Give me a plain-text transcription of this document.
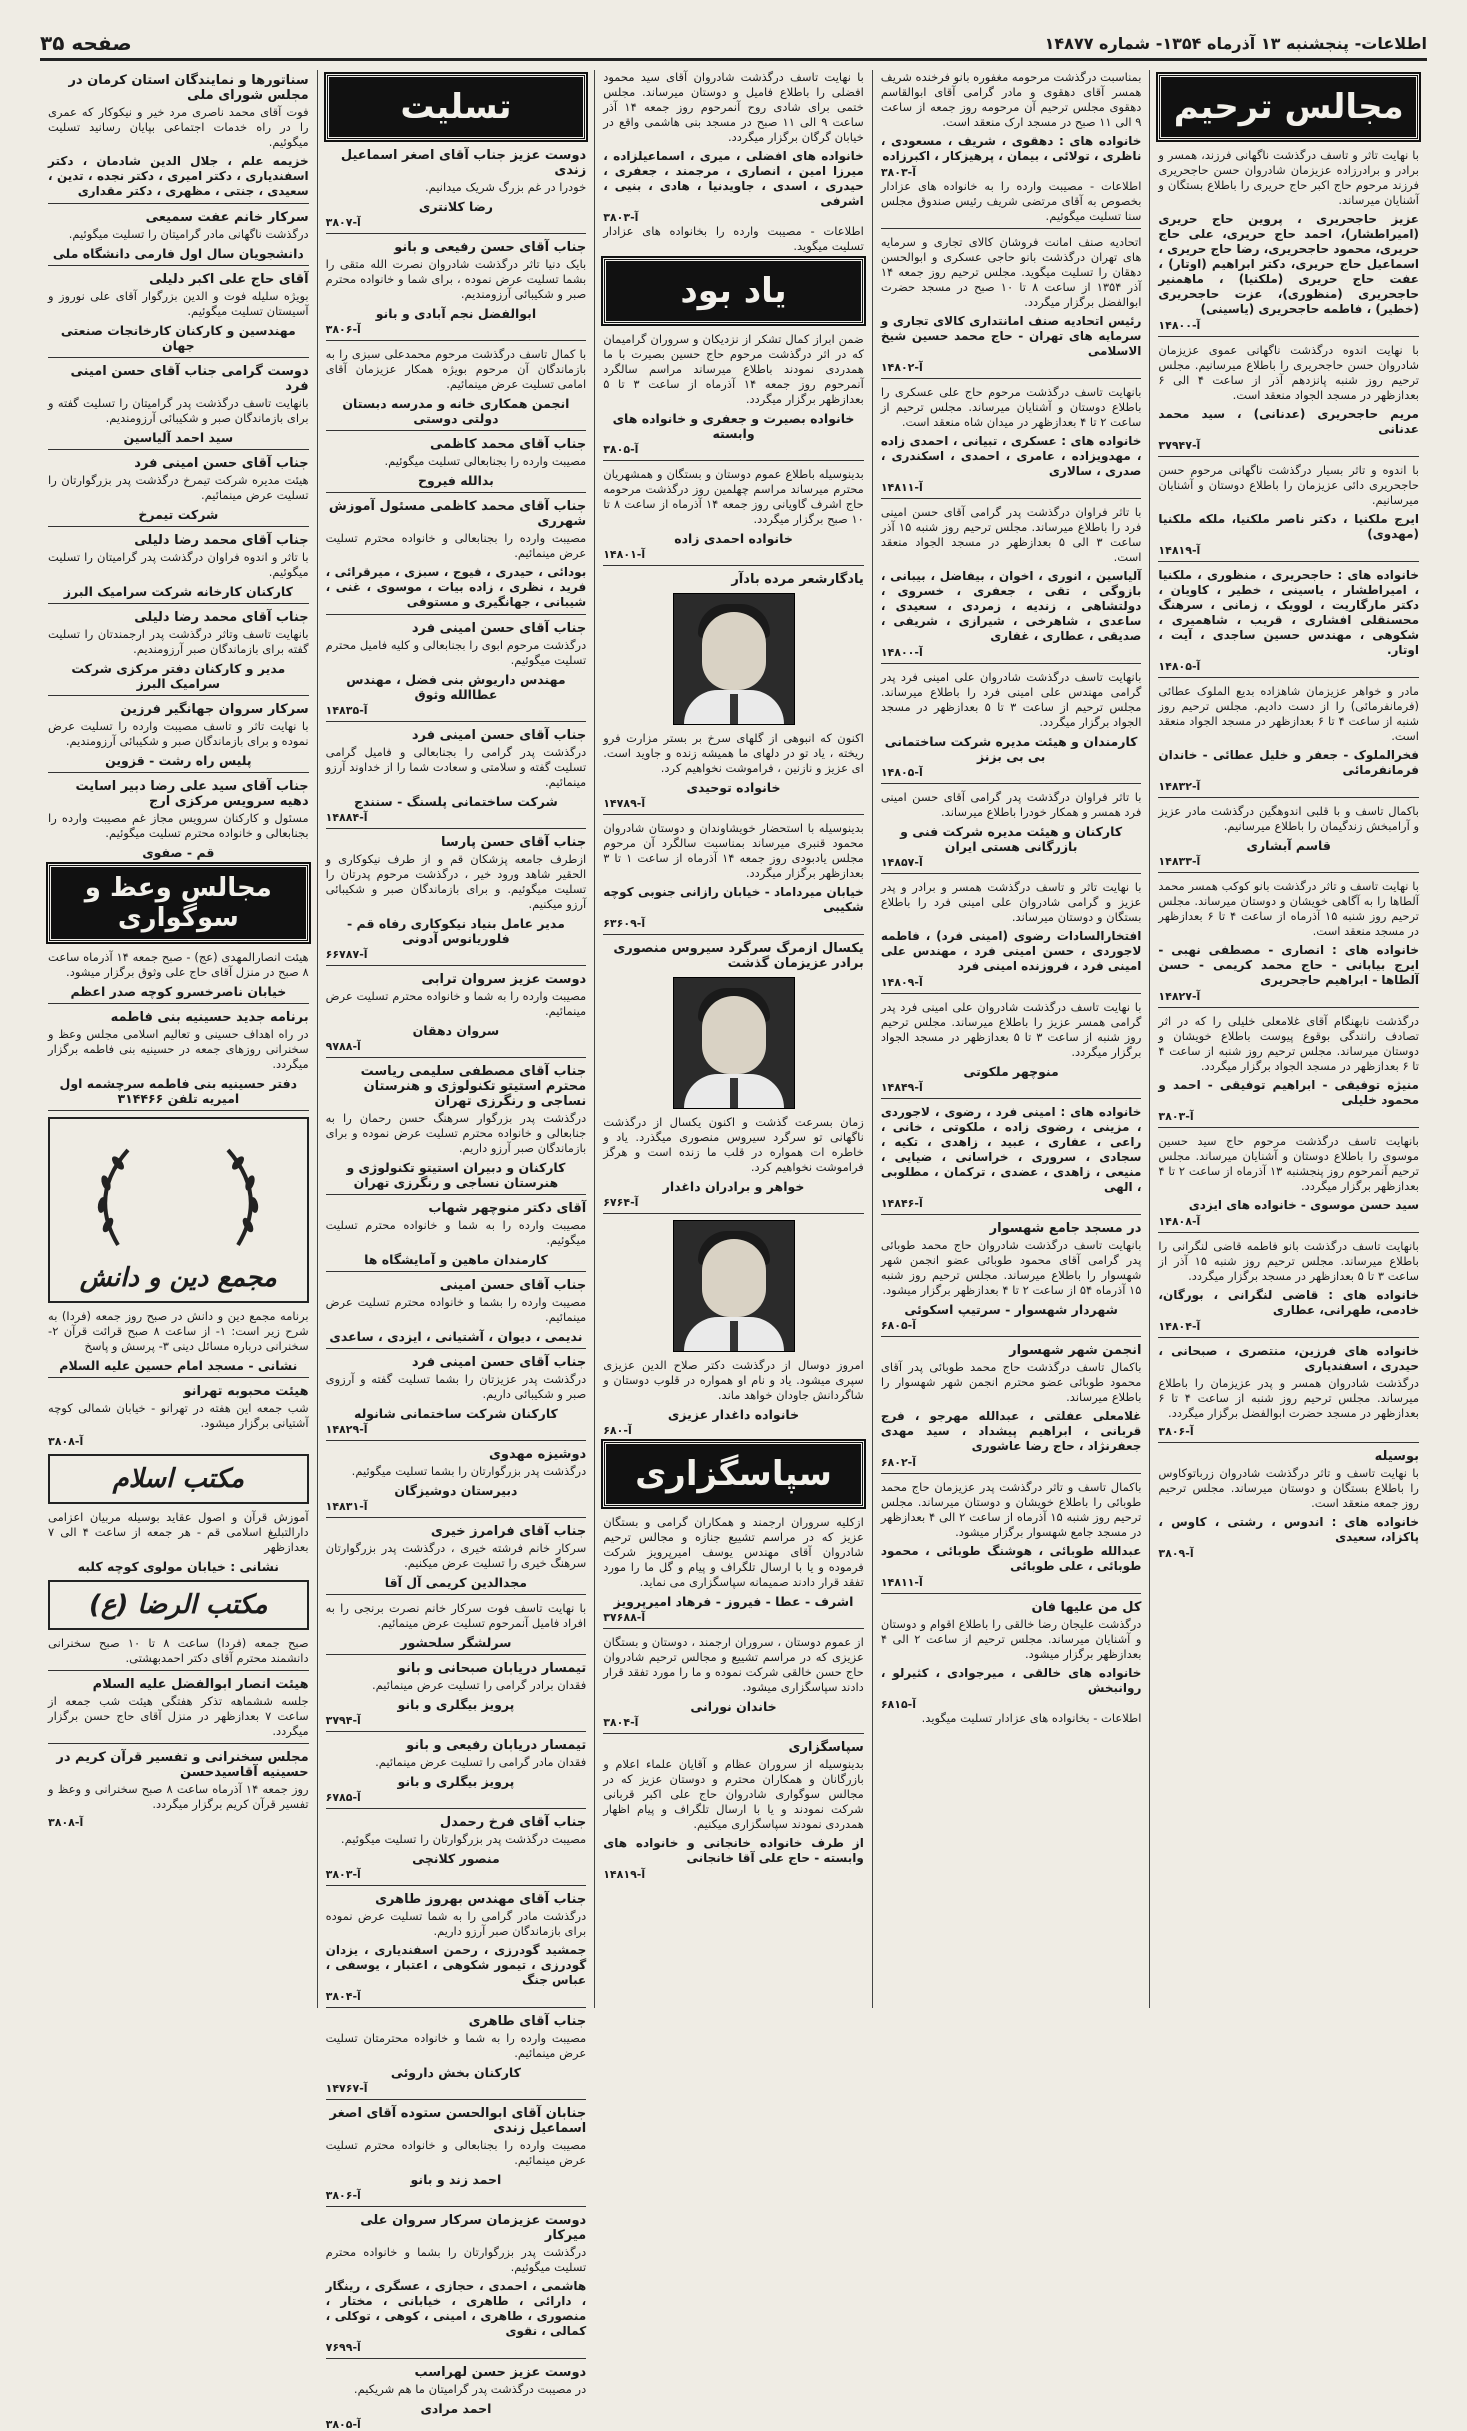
اطلاعات- پنجشنبه ۱۳ آذرماه ۱۳۵۴- شماره ۱۴۸۷۷
صفحه ۳۵
مجالس ترحیم

با نهایت تاثر و تاسف درگذشت ناگهانی فرزند، همسر و برادر و برادرزاده عزیزمان شادروان حسن حاجحریری فرزند مرحوم حاج اکبر حاج حریری را باطلاع بستگان و آشنایان میرساند.

عزیز حاجحریری ، پروین حاج حریری (امیراطشار)، احمد حاج حریری، علی حاج حریری، محمود حاجحریری، رضا حاج حریری ، اسماعیل حاج حریری، دکتر ابراهیم (اوتار) ، عفت حاج حریری (ملکنیا) ، ماهمنیر حاجحریری (منظوری)، عزت حاجحریری (خطیر) ، فاطمه حاجحریری (یاسینی)

آ-۱۴۸۰۰

با نهایت اندوه درگذشت ناگهانی عموی عزیزمان شادروان حسن حاجحریری را باطلاع میرسانیم. مجلس ترحیم روز شنبه پانزدهم آذر از ساعت ۴ الی ۶ بعدازظهر در مسجد الجواد منعقد است.

مریم حاجحریری (عدنانی) ، سید محمد عدنانی

آ-۳۷۹۴۷

با اندوه و تاثر بسیار درگذشت ناگهانی مرحوم حسن حاجحریری دائی عزیزمان را باطلاع دوستان و آشنایان میرسانیم.

ایرج ملکنیا ، دکتر ناصر ملکنیا، ملکه ملکنیا (مهدوی)

آ-۱۴۸۱۹

خانواده های : حاجحریری ، منظوری ، ملکنیا ، امیراطشار ، یاسینی ، خطیر ، کاویان ، دکتر مارگاریت ، لوویک ، زمانی ، سرهنگ محسنقلی افشاری ، قریب ، شاهمیری ، شکوهی ، مهندس حسین ساجدی ، آیت ، اوتار.

آ-۱۴۸۰۵

مادر و خواهر عزیزمان شاهزاده بدیع الملوک عطائی (فرمانفرمائی) را از دست دادیم. مجلس ترحیم روز شنبه از ساعت ۴ تا ۶ بعدازظهر در مسجد الجواد منعقد است.

فخرالملوک - جعفر و خلیل عطائی - خاندان فرمانفرمائی

آ-۱۴۸۳۲

باکمال تاسف و با قلبی اندوهگین درگذشت مادر عزیز و آرامبخش زندگیمان را باطلاع میرسانیم.

قاسم آبشاری

آ-۱۴۸۳۳

با نهایت تاسف و تاثر درگذشت بانو کوکب همسر محمد آلطاها را به آگاهی خویشان و دوستان میرساند. مجلس ترحیم روز شنبه ۱۵ آذرماه از ساعت ۴ تا ۶ بعدازظهر در مسجد منعقد است.

خانواده های : انصاری - مصطفی نهبی - ایرج بیابانی - حاج محمد کریمی - حسن آلطاها - ابراهیم حاجحریری

آ-۱۴۸۲۷

درگذشت نابهنگام آقای غلامعلی خلیلی را که در اثر تصادف رانندگی بوقوع پیوست باطلاع خویشان و دوستان میرساند. مجلس ترحیم روز شنبه از ساعت ۴ تا ۶ بعدازظهر در مسجد الجواد برگزار میگردد.

منیژه توفیقی - ابراهیم توفیقی - احمد و محمود خلیلی

آ-۳۸۰۳

بانهایت تاسف درگذشت مرحوم حاج سید حسین موسوی را باطلاع دوستان و آشنایان میرساند. مجلس ترحیم آنمرحوم روز پنجشنبه ۱۳ آذرماه از ساعت ۲ تا ۴ بعدازظهر برگزار میگردد.

سید حسن موسوی - خانواده های ایزدی

آ-۱۴۸۰۸

بانهایت تاسف درگذشت بانو فاطمه قاضی لنگرانی را باطلاع میرساند. مجلس ترحیم روز شنبه ۱۵ آذر از ساعت ۳ تا ۵ بعدازظهر در مسجد برگزار میگردد.

خانواده های : قاضی لنگرانی ، بورگان، خادمی، طهرانی، عطاری

آ-۱۴۸۰۴

خانواده های فرزین، منتصری ، صبحانی ، حیدری ، اسفندیاری

درگذشت شادروان همسر و پدر عزیزمان را باطلاع میرساند. مجلس ترحیم روز شنبه از ساعت ۴ تا ۶ بعدازظهر در مسجد حضرت ابوالفضل برگزار میگردد.

آ-۳۸۰۶

بوسیله

با نهایت تاسف و تاثر درگذشت شادروان زرباتوکاوس را باطلاع بستگان و دوستان میرساند. مجلس ترحیم روز جمعه منعقد است.

خانواده های : اندوس ، رشتی ، کاوس ، پاکزاد، سعیدی

آ-۳۸۰۹

بمناسبت درگذشت مرحومه مغفوره بانو فرخنده شریف همسر آقای دهقوی و مادر گرامی آقای ابوالقاسم دهقوی مجلس ترحیم آن مرحومه روز جمعه از ساعت ۹ الی ۱۱ صبح در مسجد ارک منعقد است.

خانواده های : دهقوی ، شریف ، مسعودی ، ناظری ، تولائی ، بیمان ، پرهیزکار ، اکبرزاده

آ-۳۸۰۳

اطلاعات - مصیبت وارده را به خانواده های عزادار بخصوص به آقای مرتضی شریف رئیس صندوق مجلس سنا تسلیت میگوئیم.

اتحادیه صنف امانت فروشان کالای تجاری و سرمایه های تهران درگذشت بانو حاجی عسکری و ابوالحسن دهقان را تسلیت میگوید. مجلس ترحیم روز جمعه ۱۴ آذر ۱۳۵۴ از ساعت ۸ تا ۱۰ صبح در مسجد حضرت ابوالفضل برگزار میگردد.

رئیس اتحادیه صنف امانتداری کالای تجاری و سرمایه های تهران - حاج محمد حسین شیخ الاسلامی

آ-۱۴۸۰۲

بانهایت تاسف درگذشت مرحوم حاج علی عسکری را باطلاع دوستان و آشنایان میرساند. مجلس ترحیم از ساعت ۲ تا ۴ بعدازظهر در میدان شاه منعقد است.

خانواده های : عسکری ، تبیانی ، احمدی زاده ، مهدویزاده ، عامری ، احمدی ، اسکندری ، صدری ، سالاری

آ-۱۴۸۱۱

با تاثر فراوان درگذشت پدر گرامی آقای حسن امینی فرد را باطلاع میرساند. مجلس ترحیم روز شنبه ۱۵ آذر ساعت ۳ الی ۵ بعدازظهر در مسجد الجواد منعقد است.

آلیاسین ، انوری ، اخوان ، بیفاضل ، بیبانی ، بازوگی ، تقی ، جعفری ، خسروی ، دولتشاهی ، زندیه ، زمردی ، سعیدی ، ساعدی ، شاهرخی ، شیرازی ، شریفی ، صدیقی ، عطاری ، غفاری

آ-۱۴۸۰۰

بانهایت تاسف درگذشت شادروان علی امینی فرد پدر گرامی مهندس علی امینی فرد را باطلاع میرساند. مجلس ترحیم از ساعت ۳ تا ۵ بعدازظهر در مسجد الجواد برگزار میگردد.

کارمندان و هیئت مدیره شرکت ساختمانی بی بی بزنز

آ-۱۴۸۰۵

با تاثر فراوان درگذشت پدر گرامی آقای حسن امینی فرد همسر و همکار خودرا باطلاع میرساند.

کارکنان و هیئت مدیره شرکت فنی و بازرگانی هستی ایران

آ-۱۴۸۵۷

با نهایت تاثر و تاسف درگذشت همسر و برادر و پدر عزیز و گرامی شادروان علی امینی فرد را باطلاع بستگان و دوستان میرساند.

افتخارالسادات رضوی (امینی فرد) ، فاطمه لاجوردی ، حسن امینی فرد ، مهندس علی امینی فرد ، فروزنده امینی فرد

آ-۱۴۸۰۹

با نهایت تاسف درگذشت شادروان علی امینی فرد پدر گرامی همسر عزیز را باطلاع میرساند. مجلس ترحیم روز شنبه از ساعت ۳ تا ۵ بعدازظهر در مسجد الجواد برگزار میگردد.

منوچهر ملکوتی

آ-۱۴۸۴۹

خانواده های : امینی فرد ، رضوی ، لاجوردی ، مزینی ، رضوی زاده ، ملکوتی ، خانی ، راعی ، عفاری ، عبید ، زاهدی ، تکیه ، سجادی ، سروری ، خراسانی ، ضیایی ، منیعی ، زاهدی ، عضدی ، ترکمان ، مطلوبی ، الهی

آ-۱۴۸۴۶

در مسجد جامع شهسوار

بانهایت تاسف درگذشت شادروان حاج محمد طوبائی پدر گرامی آقای محمود طوبائی عضو انجمن شهر شهسوار را باطلاع میرساند. مجلس ترحیم روز شنبه ۱۵ آذرماه ۵۴ از ساعت ۲ تا ۴ بعدازظهر برگزار میشود.

شهردار شهسوار - سرتیپ اسکوئی

آ-۶۸۰۵

انجمن شهر شهسوار

باکمال تاسف درگذشت حاج محمد طوبائی پدر آقای محمود طوبائی عضو محترم انجمن شهر شهسوار را باطلاع میرساند.

غلامعلی عفلتی ، عبدالله مهرجو ، فرج قربانی ، ابراهیم پیشداد ، سید مهدی جعفرنژاد ، حاج رضا عاشوری

آ-۶۸۰۲

باکمال تاسف و تاثر درگذشت پدر عزیزمان حاج محمد طوبائی را باطلاع خویشان و دوستان میرساند. مجلس ترحیم روز شنبه ۱۵ آذرماه از ساعت ۲ الی ۴ بعدازظهر در مسجد جامع شهسوار برگزار میشود.

عبدالله طوبائی ، هوشنگ طوبائی ، محمود طوبائی ، علی طوبائی

آ-۱۴۸۱۱

کل من علیها فان

درگذشت علیجان رضا خالقی را باطلاع اقوام و دوستان و آشنایان میرساند. مجلس ترحیم از ساعت ۲ الی ۴ بعدازظهر برگزار میشود.

خانواده های خالقی ، میرجوادی ، کثیرلو ، روانبخش

آ-۶۸۱۵

اطلاعات - بخانواده های عزادار تسلیت میگوید.

با نهایت تاسف درگذشت شادروان آقای سید محمود افضلی را باطلاع فامیل و دوستان میرساند. مجلس ختمی برای شادی روح آنمرحوم روز جمعه ۱۴ آذر ساعت ۹ الی ۱۱ صبح در مسجد بنی هاشمی واقع در خیابان گرگان برگزار میگردد.

خانواده های افضلی ، میری ، اسماعیلزاده ، میرزا امین ، انصاری ، مرجمند ، جعفری ، حیدری ، اسدی ، جاویدنیا ، هادی ، بنیی ، اشرفی

آ-۳۸۰۳

اطلاعات - مصیبت وارده را بخانواده های عزادار تسلیت میگوید.

یاد بود

ضمن ابراز کمال تشکر از نزدیکان و سروران گرامیمان که در اثر درگذشت مرحوم حاج حسین بصیرت با ما همدردی نمودند باطلاع میرساند مراسم سالگرد آنمرحوم روز جمعه ۱۴ آذرماه از ساعت ۳ تا ۵ بعدازظهر برگزار میگردد.

خانواده بصیرت و جعفری و خانواده های وابسته

آ-۳۸۰۵

بدینوسیله باطلاع عموم دوستان و بستگان و همشهریان محترم میرساند مراسم چهلمین روز درگذشت مرحومه حاج اشرف گاویانی روز جمعه ۱۴ آذرماه از ساعت ۸ تا ۱۰ صبح برگزار میگردد.

خانواده احمدی زاده

آ-۱۴۸۰۱

یادگارشعر مرده بادآر

اکنون که انبوهی از گلهای سرخ بر بستر مزارت فرو ریخته ، یاد تو در دلهای ما همیشه زنده و جاوید است. ای عزیز و نازنین ، فراموشت نخواهیم کرد.

خانواده توحیدی

آ-۱۴۷۸۹

بدینوسیله با استحضار خویشاوندان و دوستان شادروان محمود قنبری میرساند بمناسبت سالگرد آن مرحوم مجلس یادبودی روز جمعه ۱۴ آذرماه از ساعت ۱ تا ۳ بعدازظهر برگزار میگردد.

خیابان میرداماد - خیابان رازانی جنوبی کوچه شکیبی

آ-۶۳۶۰۹

یکسال ازمرگ سرگرد سیروس منصوری برادر عزیزمان گذشت

زمان بسرعت گذشت و اکنون یکسال از درگذشت ناگهانی تو سرگرد سیروس منصوری میگذرد. یاد و خاطره ات همواره در قلب ما زنده است و هرگز فراموشت نخواهیم کرد.

خواهر و برادران داغدار

آ-۶۷۶۴

امروز دوسال از درگذشت دکتر صلاح الدین عزیزی سپری میشود. یاد و نام او همواره در قلوب دوستان و شاگردانش جاودان خواهد ماند.

خانواده داغدار عزیزی

آ-۶۸۰

سپاسگزاری

ازکلیه سروران ارجمند و همکاران گرامی و بستگان عزیز که در مراسم تشییع جنازه و مجالس ترحیم شادروان آقای مهندس یوسف امیرپرویز شرکت فرموده و یا با ارسال تلگراف و پیام و گل ما را مورد تفقد قرار دادند صمیمانه سپاسگزاری می نماید.

اشرف - عطا - فیروز - فرهاد امیرپرویز

آ-۳۷۶۸۸

از عموم دوستان ، سروران ارجمند ، دوستان و بستگان عزیزی که در مراسم تشییع و مجالس ترحیم شادروان حاج حسن خالقی شرکت نموده و ما را مورد تفقد قرار دادند سپاسگزاری میشود.

خاندان نورانی

آ-۳۸۰۴

سپاسگزاری

بدینوسیله از سروران عظام و آقایان علماء اعلام و بازرگانان و همکاران محترم و دوستان عزیز که در مجالس سوگواری شادروان حاج علی اکبر قربانی شرکت نمودند و یا با ارسال تلگراف و پیام اظهار همدردی نمودند سپاسگزاری میکنیم.

از طرف خانواده خانجانی و خانواده های وابسته - حاج علی آقا خانجانی

آ-۱۴۸۱۹

تسلیت

دوست عزیز جناب آقای اصغر اسماعیل زندی

خودرا در غم بزرگ شریک میدانیم.

رضا کلانتری

آ-۳۸۰۷

جناب آقای حسن رفیعی و بانو

بایک دنیا تاثر درگذشت شادروان نصرت الله متقی را بشما تسلیت عرض نموده ، برای شما و خانواده محترم صبر و شکیبائی آرزومندیم.

ابوالفضل نجم آبادی و بانو

آ-۳۸۰۶

با کمال تاسف درگذشت مرحوم محمدعلی سبزی را به بازماندگان آن مرحوم بویژه همکار عزیزمان آقای امامی تسلیت عرض مینمائیم.

انجمن همکاری خانه و مدرسه دبستان دولتی دوستی

جناب آقای محمد کاظمی

مصیبت وارده را بجنابعالی تسلیت میگوئیم.

بدالله فیروح

جناب آقای محمد کاظمی مسئول آموزش شهرری

مصیبت وارده را بجنابعالی و خانواده محترم تسلیت عرض مینمائیم.

بودائی ، حیدری ، فیوج ، سبزی ، میرقرائی ، فرید ، نظری ، زاده بیات ، موسوی ، غنی ، شیبانی ، جهانگیری و مستوفی

جناب آقای حسن امینی فرد

درگذشت مرحوم ابوی را بجنابعالی و کلیه فامیل محترم تسلیت میگوئیم.

مهندس داریوش بنی فضل ، مهندس عطاالله وثوق

آ-۱۴۸۳۵

جناب آقای حسن امینی فرد

درگذشت پدر گرامی را بجنابعالی و فامیل گرامی تسلیت گفته و سلامتی و سعادت شما را از خداوند آرزو مینمائیم.

شرکت ساختمانی پلسنگ - سنندج

آ-۱۴۸۸۴

جناب آقای حسن پارسا

ازطرف جامعه پزشکان قم و از طرف نیکوکاری و الحقیر شاهد ورود خیر ، درگذشت مرحوم پدرتان را تسلیت میگوئیم. و برای بازماندگان صبر و شکیبائی آرزو میکنیم.

مدیر عامل بنیاد نیکوکاری رفاه قم - فلوریانوس آدونی

آ-۶۶۷۸۷

دوست عزیز سروان ترابی

مصیبت وارده را به شما و خانواده محترم تسلیت عرض مینمائیم.

سروان دهقان

آ-۹۷۸۸

جناب آقای مصطفی سلیمی ریاست محترم استیتو تکنولوژی و هنرستان نساجی و رنگرزی تهران

درگذشت پدر بزرگوار سرهنگ حسن رحمان را به جنابعالی و خانواده محترم تسلیت عرض نموده و برای بازماندگان صبر آرزو داریم.

کارکنان و دبیران استیتو تکنولوژی و هنرستان نساجی و رنگرزی تهران

آقای دکتر منوچهر شهاب

مصیبت وارده را به شما و خانواده محترم تسلیت میگوئیم.

کارمندان ماهین و آمایشگاه ها

جناب آقای حسن امینی

مصیبت وارده را بشما و خانواده محترم تسلیت عرض مینمائیم.

ندیمی ، دیوان ، آشتیانی ، ایزدی ، ساعدی

جناب آقای حسن امینی فرد

درگذشت پدر عزیزتان را بشما تسلیت گفته و آرزوی صبر و شکیبائی داریم.

کارکنان شرکت ساختمانی شانوله

آ-۱۴۸۲۹

دوشیزه مهدوی

درگذشت پدر بزرگوارتان را بشما تسلیت میگوئیم.

دبیرستان دوشیزگان

آ-۱۴۸۳۱

جناب آقای فرامرز خیری

سرکار خانم فرشته خیری ، درگذشت پدر بزرگوارتان سرهنگ خیری را تسلیت عرض میکنیم.

مجدالدین کریمی آل آقا

با نهایت تاسف فوت سرکار خانم نصرت برنجی را به افراد فامیل آنمرحوم تسلیت عرض مینمائیم.

سرلشگر سلحشور

تیمسار دریابان صبحانی و بانو

فقدان برادر گرامی را تسلیت عرض مینمائیم.

پرویز بیگلری و بانو

آ-۳۷۹۴

تیمسار دریابان رفیعی و بانو

فقدان مادر گرامی را تسلیت عرض مینمائیم.

پرویز بیگلری و بانو

آ-۶۷۸۵

جناب آقای فرخ رحمدل

مصیبت درگذشت پدر بزرگوارتان را تسلیت میگوئیم.

منصور کلانچی

آ-۳۸۰۳

جناب آقای مهندس بهروز طاهری

درگذشت مادر گرامی را به شما تسلیت عرض نموده برای بازماندگان صبر آرزو داریم.

جمشید گودرزی ، رحمن اسفندیاری ، یزدان گودرزی ، تیمور شکوهی ، اعتبار ، یوسفی ، عباس جنگ

آ-۳۸۰۴

جناب آقای طاهری

مصیبت وارده را به شما و خانواده محترمتان تسلیت عرض مینمائیم.

کارکنان بخش داروئی

آ-۱۴۷۶۷

جنابان آقای ابوالحسن ستوده آقای اصغر اسماعیل زندی

مصیبت وارده را بجنابعالی و خانواده محترم تسلیت عرض مینمائیم.

احمد زند و بانو

آ-۳۸۰۶

دوست عزیزمان سرکار سروان علی میرکار

درگذشت پدر بزرگوارتان را بشما و خانواده محترم تسلیت میگوئیم.

هاشمی ، احمدی ، حجازی ، عسگری ، رینگار ، دارائی ، طاهری ، خیابانی ، مختار ، منصوری ، طاهری ، امینی ، کوهی ، توکلی ، کمالی ، نقوی

آ-۷۶۹۹

دوست عزیز حسن لهراسب

در مصیبت درگذشت پدر گرامیتان ما هم شریکیم.

احمد مرادی

آ-۳۸۰۵

سناتورها و نمایندگان استان کرمان در مجلس شورای ملی

فوت آقای محمد ناصری مرد خیر و نیکوکار که عمری را در راه خدمات اجتماعی بپایان رسانید تسلیت میگوئیم.

خزیمه علم ، جلال الدین شادمان ، دکتر اسفندیاری ، دکتر امیری ، دکتر نجده ، تدین ، سعیدی ، جنتی ، مظهری ، دکتر مقداری

سرکار خانم عفت سمیعی

درگذشت ناگهانی مادر گرامیتان را تسلیت میگوئیم.

دانشجویان سال اول فارمی دانشگاه ملی

آقای حاج علی اکبر دلیلی

بویژه سلیله فوت و الدین بزرگوار آقای علی نوروز و آسیستان تسلیت میگوئیم.

مهندسین و کارکنان کارخانجات صنعتی جهان

دوست گرامی جناب آقای حسن امینی فرد

بانهایت تاسف درگذشت پدر گرامیتان را تسلیت گفته و برای بازماندگان صبر و شکیبائی آرزومندیم.

سید احمد آلیاسین

جناب آقای حسن امینی فرد

هیئت مدیره شرکت تیمرخ درگذشت پدر بزرگوارتان را تسلیت عرض مینمائیم.

شرکت تیمرخ

جناب آقای محمد رضا دلیلی

با تاثر و اندوه فراوان درگذشت پدر گرامیتان را تسلیت میگوئیم.

کارکنان کارخانه شرکت سرامیک البرز

جناب آقای محمد رضا دلیلی

بانهایت تاسف وتاثر درگذشت پدر ارجمندتان را تسلیت گفته برای بازماندگان صبر آرزومندیم.

مدیر و کارکنان دفتر مرکزی شرکت سرامیک البرز

سرکار سروان جهانگیر فرزین

با نهایت تاثر و تاسف مصیبت وارده را تسلیت عرض نموده و برای بازماندگان صبر و شکیبائی آرزومندیم.

پلیس راه رشت - قزوین

جناب آقای سید علی رضا دبیر اسایت دهیه سرویس مرکزی ارج

مسئول و کارکنان سرویس مجاز غم مصیبت وارده را بجنابعالی و خانواده محترم تسلیت میگوئیم.

قم - صفوی

مجالس وعظ و سوگواری

هیئت انصارالمهدی (عج) - صبح جمعه ۱۴ آذرماه ساعت ۸ صبح در منزل آقای حاج علی وثوق برگزار میشود.

خیابان ناصرخسرو کوچه صدر اعظم

برنامه جدید حسینیه بنی فاطمه

در راه اهداف حسینی و تعالیم اسلامی مجلس وعظ و سخنرانی روزهای جمعه در حسینیه بنی فاطمه برگزار میگردد.

دفتر حسینیه بنی فاطمه سرچشمه اول امیریه تلفن ۳۱۴۴۶۶

مجمع دین و دانش

برنامه مجمع دین و دانش در صبح روز جمعه (فردا) به شرح زیر است: ۱- از ساعت ۸ صبح قرائت قرآن ۲- سخنرانی درباره مسائل دینی ۳- پرسش و پاسخ

نشانی - مسجد امام حسین علیه السلام

هیئت محبوبه تهرانو

شب جمعه این هفته در تهرانو - خیابان شمالی کوچه آشتیانی برگزار میشود.

آ-۳۸۰۸

مکتب اسلام

آموزش قرآن و اصول عقاید بوسیله مربیان اعزامی دارالتبلیغ اسلامی قم - هر جمعه از ساعت ۴ الی ۷ بعدازظهر

نشانی : خیابان مولوی کوچه کلبه

مکتب الرضا (ع)

صبح جمعه (فردا) ساعت ۸ تا ۱۰ صبح سخنرانی دانشمند محترم آقای دکتر احمدبهشتی.

هیئت انصار ابوالفضل علیه السلام

جلسه ششماهه تذکر هفتگی هیئت شب جمعه از ساعت ۷ بعدازظهر در منزل آقای حاج حسن برگزار میگردد.

مجلس سخنرانی و تفسیر قرآن کریم در حسینیه آقاسیدحسن

روز جمعه ۱۴ آذرماه ساعت ۸ صبح سخنرانی و وعظ و تفسیر قرآن کریم برگزار میگردد.

آ-۳۸۰۸
